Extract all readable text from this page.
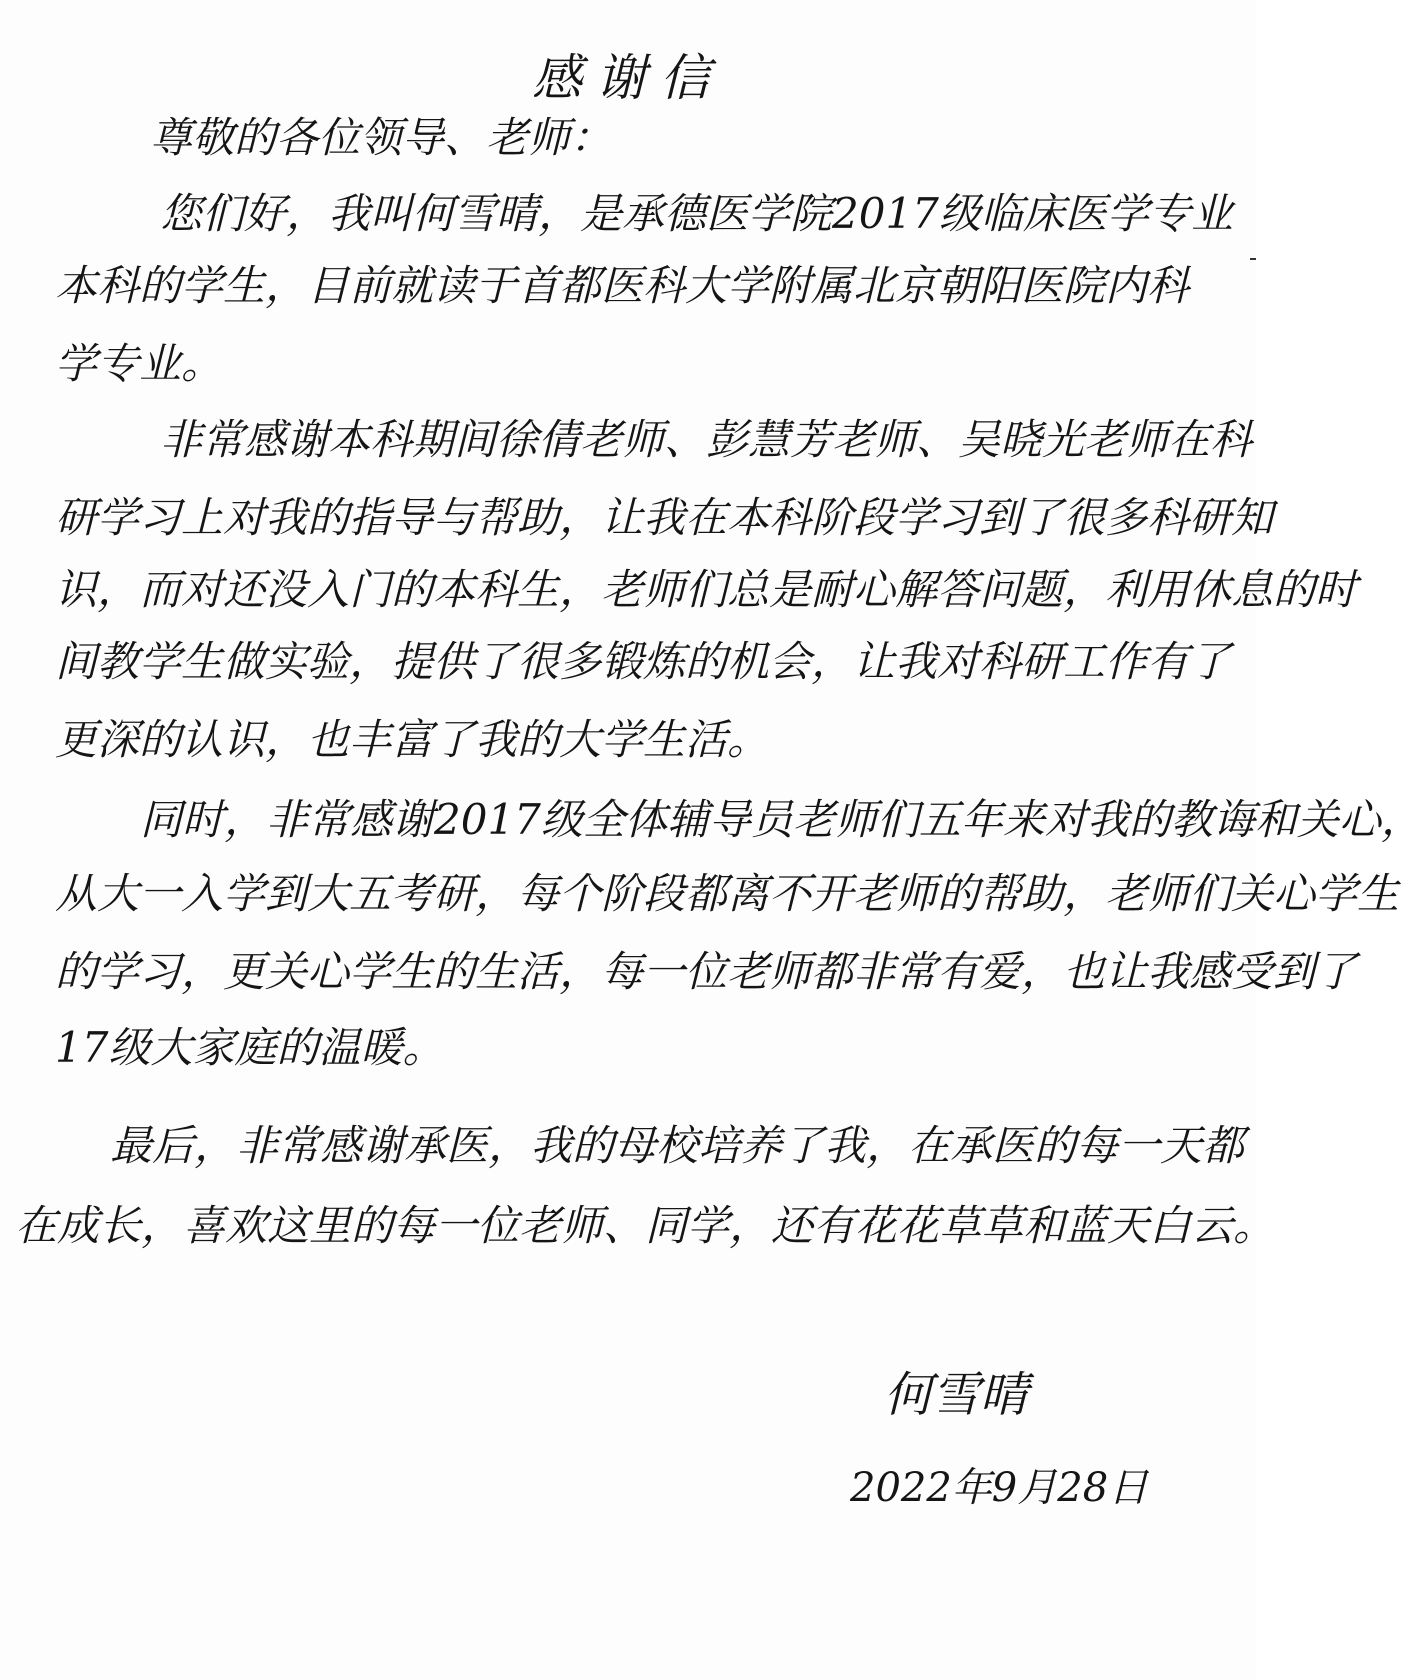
感谢信
尊敬的各位领导、老师：
您们好，我叫何雪晴，是承德医学院2017级临床医学专业
本科的学生，目前就读于首都医科大学附属北京朝阳医院内科
学专业。
非常感谢本科期间徐倩老师、彭慧芳老师、吴晓光老师在科
研学习上对我的指导与帮助，让我在本科阶段学习到了很多科研知
识，而对还没入门的本科生，老师们总是耐心解答问题，利用休息的时
间教学生做实验，提供了很多锻炼的机会，让我对科研工作有了
更深的认识，也丰富了我的大学生活。
同时，非常感谢2017级全体辅导员老师们五年来对我的教诲和关心，
从大一入学到大五考研，每个阶段都离不开老师的帮助，老师们关心学生
的学习，更关心学生的生活，每一位老师都非常有爱，也让我感受到了
17级大家庭的温暖。
最后，非常感谢承医，我的母校培养了我，在承医的每一天都
在成长，喜欢这里的每一位老师、同学，还有花花草草和蓝天白云。
何雪晴
2022年9月28日
